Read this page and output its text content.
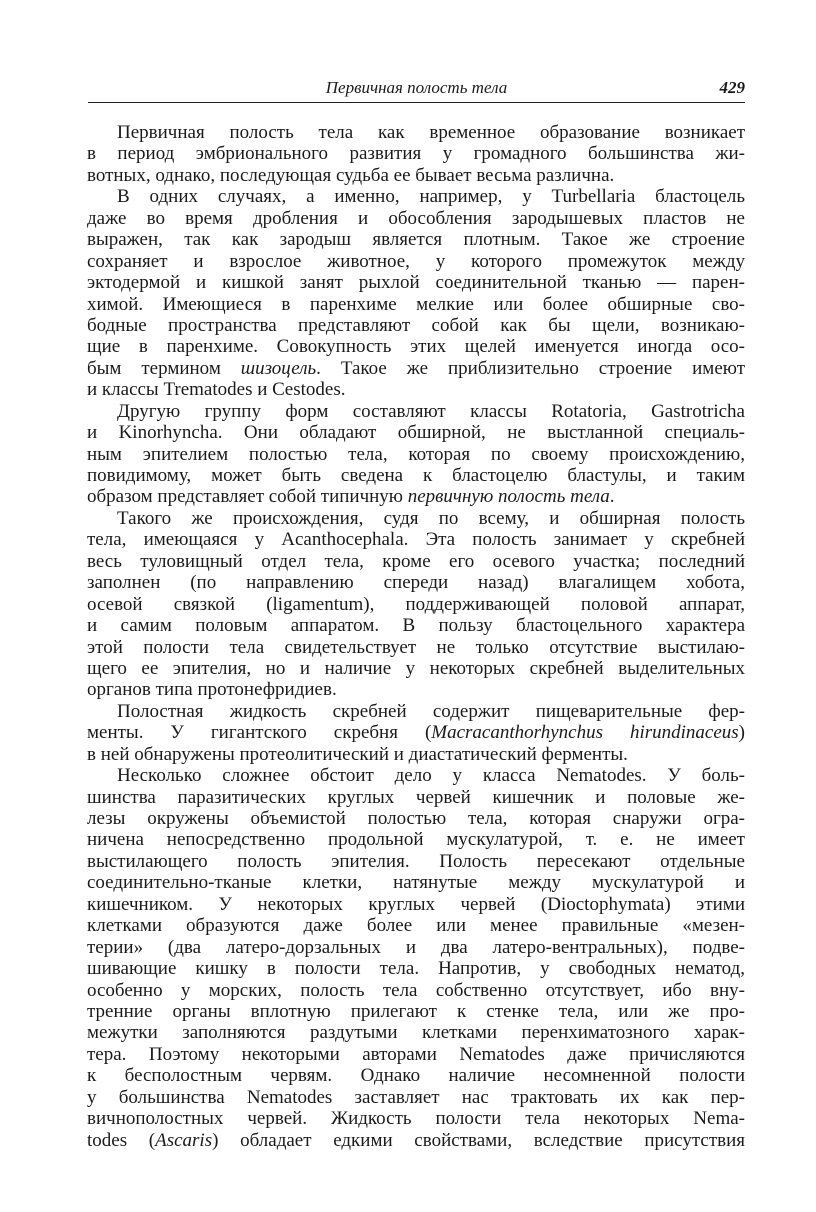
Первичная полость тела	429
Первичная полость тела как временное образование возникает
в период эмбрионального развития у громадного большинства жи-
вотных, однако, последующая судьба ее бывает весьма различна.
В одних случаях, а именно, например, у Turbellaria бластоцель
даже во время дробления и обособления зародышевых пластов не
выражен, так как зародыш является плотным. Такое же строение
сохраняет и взрослое животное, у которого промежуток между
эктодермой и кишкой занят рыхлой соединительной тканью — парен-
химой. Имеющиеся в паренхиме мелкие или более обширные сво-
бодные пространства представляют собой как бы щели, возникаю-
щие в паренхиме. Совокупность этих щелей именуется иногда осо-
бым термином шизоцель. Такое же приблизительно строение имеют
и классы Trematodes и Cestodes.
Другую группу форм составляют классы Rotatoria, Gastrotricha
и Kinorhyncha. Они обладают обширной, не выстланной специаль-
ным эпителием полостью тела, которая по своему происхождению,
повидимому, может быть сведена к бластоцелю бластулы, и таким
образом представляет собой типичную первичную полость тела.
Такого же происхождения, судя по всему, и обширная полость
тела, имеющаяся у Acanthocephala. Эта полость занимает у скребней
весь туловищный отдел тела, кроме его осевого участка; последний
заполнен (по направлению спереди назад) влагалищем хобота,
осевой связкой (ligamentum), поддерживающей половой аппарат,
и самим половым аппаратом. В пользу бластоцельного характера
этой полости тела свидетельствует не только отсутствие выстилаю-
щего ее эпителия, но и наличие у некоторых скребней выделительных
органов типа протонефридиев.
Полостная жидкость скребней содержит пищеварительные фер-
менты. У гигантского скребня (Macracanthorhynchus hirundinaceus)
в ней обнаружены протеолитический и диастатический ферменты.
Несколько сложнее обстоит дело у класса Nematodes. У боль-
шинства паразитических круглых червей кишечник и половые же-
лезы окружены объемистой полостью тела, которая снаружи огра-
ничена непосредственно продольной мускулатурой, т. е. не имеет
выстилающего полость эпителия. Полость пересекают отдельные
соединительно-тканые клетки, натянутые между мускулатурой и
кишечником. У некоторых круглых червей (Dioctophymata) этими
клетками образуются даже более или менее правильные «мезен-
терии» (два латеро-дорзальных и два латеро-вентральных), подве-
шивающие кишку в полости тела. Напротив, у свободных нематод,
особенно у морских, полость тела собственно отсутствует, ибо вну-
тренние органы вплотную прилегают к стенке тела, или же про-
межутки заполняются раздутыми клетками перенхиматозного харак-
тера. Поэтому некоторыми авторами Nematodes даже причисляются
к бесполостным червям. Однако наличие несомненной полости
у большинства Nematodes заставляет нас трактовать их как пер-
вичнополостных червей. Жидкость полости тела некоторых Nema-
todes (Ascaris) обладает едкими свойствами, вследствие присутствия
